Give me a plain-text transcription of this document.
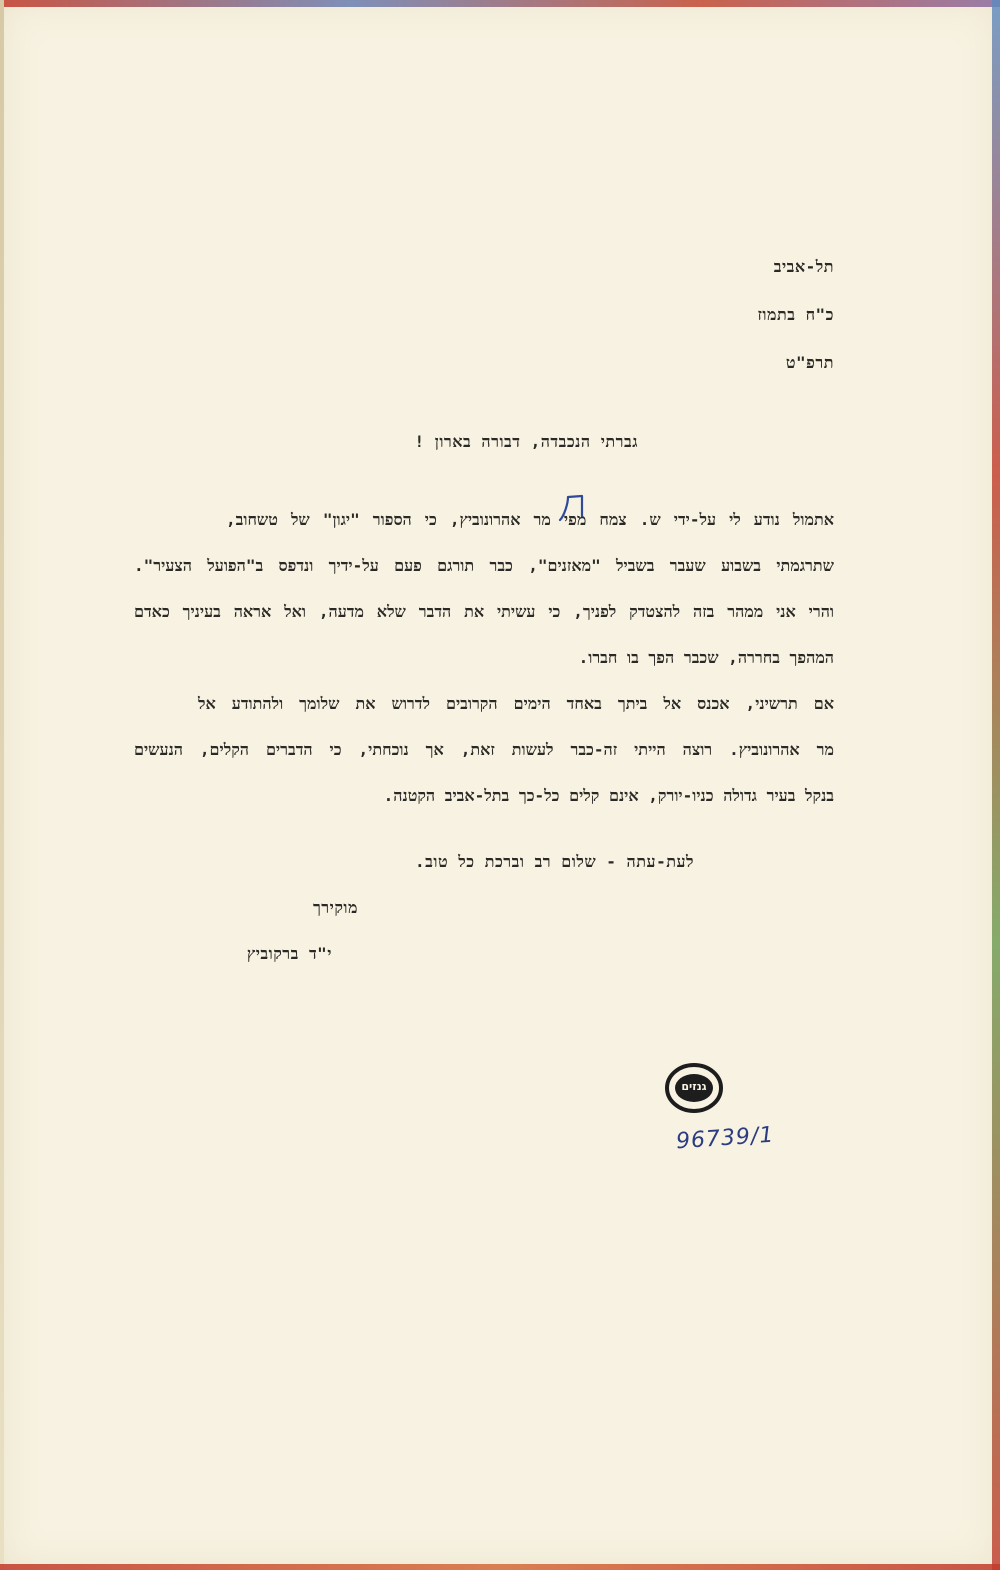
תל-אביב
כ"ח בתמוז
תרפ"ט
גברתי הנכבדה, דבורה בארון !
אתמול נודע לי על-ידי ש. צמח מפי מר אהרונוביץ, כי הספור "יגון" של טשחוב,
שתרגמתי בשבוע שעבר בשביל "מאזנים", כבר תורגם פעם על-ידיך ונדפס ב"הפועל הצעיר".
והרי אני ממהר בזה להצטדק לפניך, כי עשיתי את הדבר שלא מדעה, ואל אראה בעיניך כאדם
המהפך בחררה, שכבר הפך בו חברו.
אם תרשיני, אכנס אל ביתך באחד הימים הקרובים לדרוש את שלומך ולהתודע אל
מר אהרונוביץ. רוצה הייתי זה-כבר לעשות זאת, אך נוכחתי, כי הדברים הקלים, הנעשים
בנקל בעיר גדולה כניו-יורק, אינם קלים כל-כך בתל-אביב הקטנה.
לעת-עתה - שלום רב וברכת כל טוב.
מוקירך
י"ד ברקוביץ
גנזים
96739/1
